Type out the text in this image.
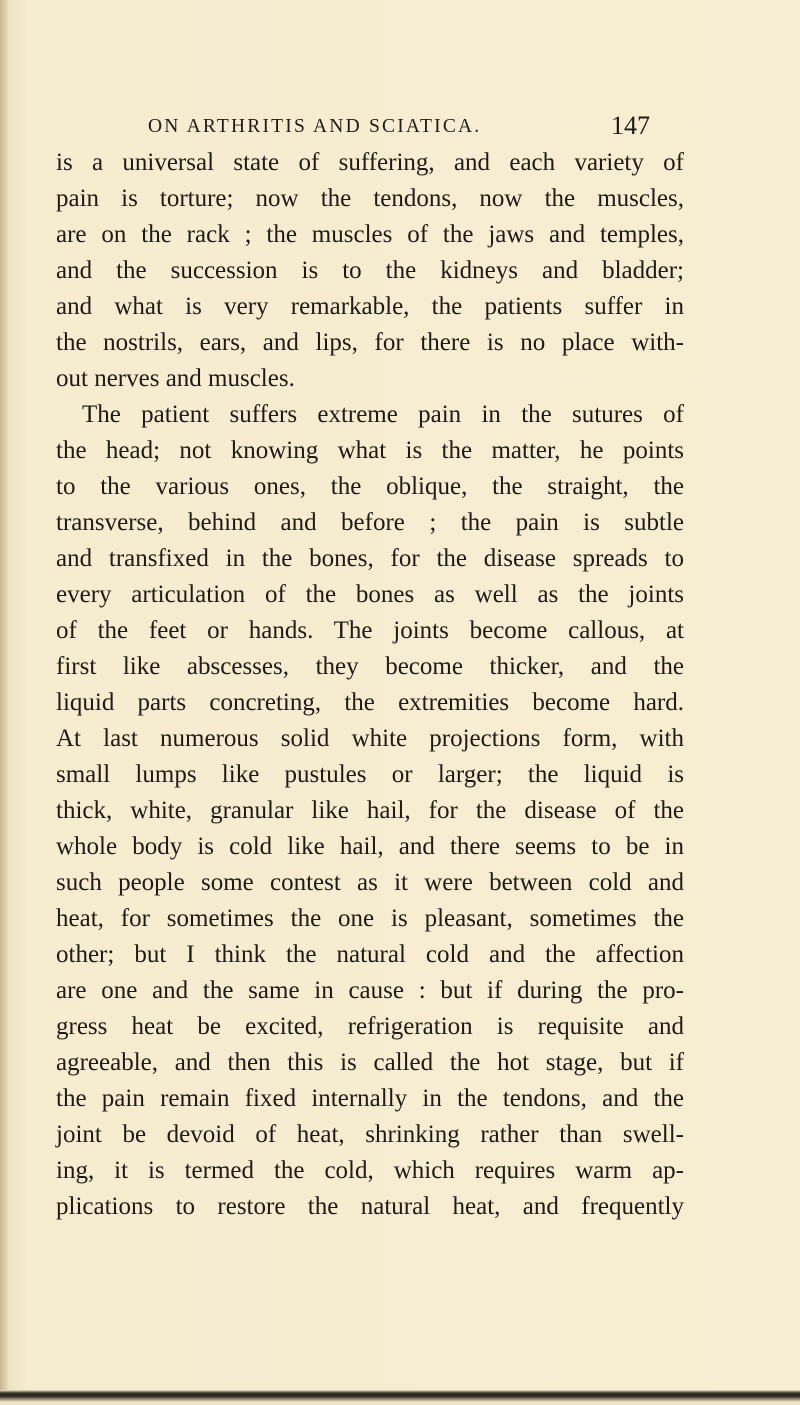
ON ARTHRITIS AND SCIATICA.	147
is a universal state of suffering, and each variety of
pain is torture; now the tendons, now the muscles,
are on the rack ; the muscles of the jaws and temples,
and the succession is to the kidneys and bladder;
and what is very remarkable, the patients suffer in
the nostrils, ears, and lips, for there is no place with-
out nerves and muscles.
The patient suffers extreme pain in the sutures of
the head; not knowing what is the matter, he points
to the various ones, the oblique, the straight, the
transverse, behind and before ; the pain is subtle
and transfixed in the bones, for the disease spreads to
every articulation of the bones as well as the joints
of the feet or hands. The joints become callous, at
first like abscesses, they become thicker, and the
liquid parts concreting, the extremities become hard.
At last numerous solid white projections form, with
small lumps like pustules or larger; the liquid is
thick, white, granular like hail, for the disease of the
whole body is cold like hail, and there seems to be in
such people some contest as it were between cold and
heat, for sometimes the one is pleasant, sometimes the
other; but I think the natural cold and the affection
are one and the same in cause : but if during the pro-
gress heat be excited, refrigeration is requisite and
agreeable, and then this is called the hot stage, but if
the pain remain fixed internally in the tendons, and the
joint be devoid of heat, shrinking rather than swell-
ing, it is termed the cold, which requires warm ap-
plications to restore the natural heat, and frequently
